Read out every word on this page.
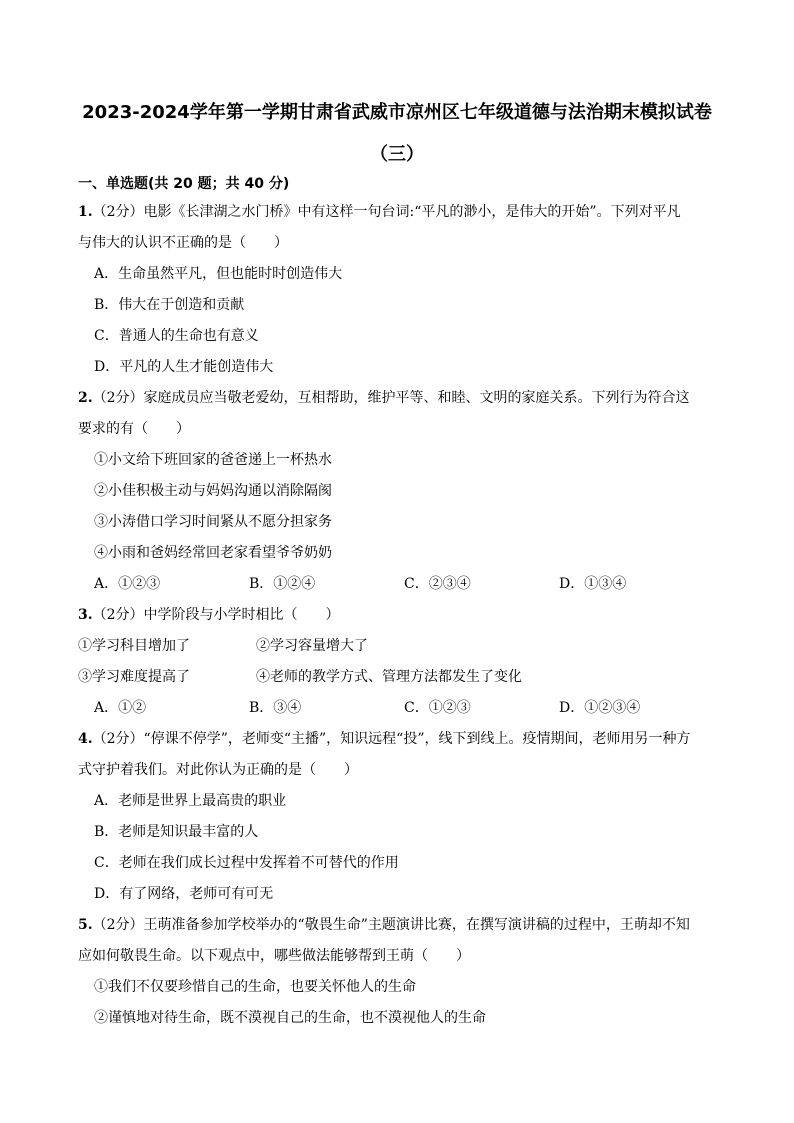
2023-2024学年第一学期甘肃省武威市凉州区七年级道德与法治期末模拟试卷
（三）
一、单选题(共 20 题；共 40 分)
1. （2分） 电影《长津湖之水门桥》中有这样一句台词:“平凡的渺小，是伟大的开始”。下列对平凡
与伟大的认识不正确的是（　　）
A．生命虽然平凡，但也能时时创造伟大
B．伟大在于创造和贡献
C．普通人的生命也有意义
D．平凡的人生才能创造伟大
2. （2分） 家庭成员应当敬老爱幼，互相帮助，维护平等、和睦、文明的家庭关系。下列行为符合这
要求的有（　　）
①小文给下班回家的爸爸递上一杯热水
②小佳积极主动与妈妈沟通以消除隔阂
③小涛借口学习时间紧从不愿分担家务
④小雨和爸妈经常回老家看望爷爷奶奶
A．①②③	B．①②④	C．②③④	D．①③④
3. （2分） 中学阶段与小学时相比（　　）
①学习科目增加了	②学习容量增大了
③学习难度提高了	④老师的教学方式、管理方法都发生了变化
A．①②	B．③④	C．①②③	D．①②③④
4. （2分） “停课不停学”，老师变“主播”，知识远程“投”，线下到线上。疫情期间，老师用另一种方
式守护着我们。对此你认为正确的是（　　）
A．老师是世界上最高贵的职业
B．老师是知识最丰富的人
C．老师在我们成长过程中发挥着不可替代的作用
D．有了网络，老师可有可无
5. （2分） 王萌准备参加学校举办的“敬畏生命”主题演讲比赛，在撰写演讲稿的过程中，王萌却不知
应如何敬畏生命。以下观点中，哪些做法能够帮到王萌（　　）
①我们不仅要珍惜自己的生命，也要关怀他人的生命
②谨慎地对待生命，既不漠视自己的生命，也不漠视他人的生命
